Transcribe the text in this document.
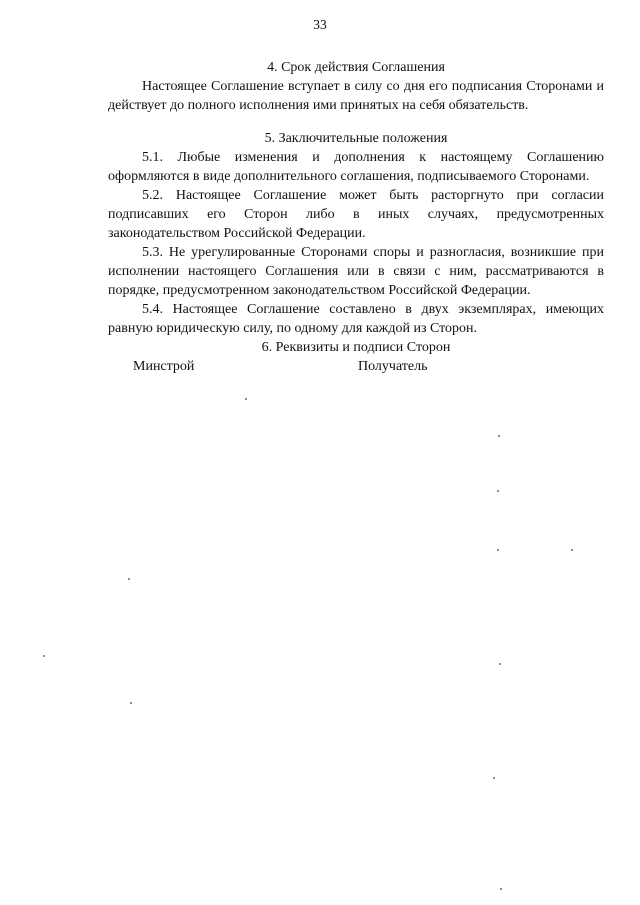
33

4. Срок действия Соглашения

Настоящее Соглашение вступает в силу со дня его подписания Сторонами и действует до полного исполнения ими принятых на себя обязательств.

5. Заключительные положения

5.1. Любые изменения и дополнения к настоящему Соглашению оформляются в виде дополнительного соглашения, подписываемого Сторонами.

5.2. Настоящее Соглашение может быть расторгнуто при согласии подписавших его Сторон либо в иных случаях, предусмотренных законодательством Российской Федерации.

5.3. Не урегулированные Сторонами споры и разногласия, возникшие при исполнении настоящего Соглашения или в связи с ним, рассматриваются в порядке, предусмотренном законодательством Российской Федерации.

5.4. Настоящее Соглашение составлено в двух экземплярах, имеющих равную юридическую силу, по одному для каждой из Сторон.

6. Реквизиты и подписи Сторон

Минстрой	Получатель
